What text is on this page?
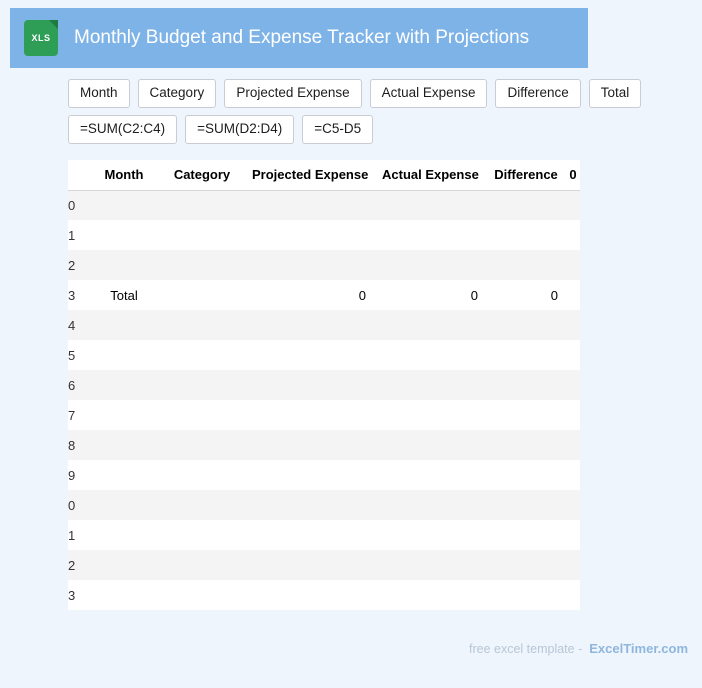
XLS Monthly Budget and Expense Tracker with Projections
Month	Category	Projected Expense	Actual Expense	Difference	Total
=SUM(C2:C4)	=SUM(D2:D4)	=C5-D5
	Month	Category	Projected Expense	Actual Expense	Difference	0
0						
1						
2						
3	Total		0	0	0	
4						
5						
6						
7						
8						
9						
0						
1						
2						
3						
free excel template - ExcelTimer.com
